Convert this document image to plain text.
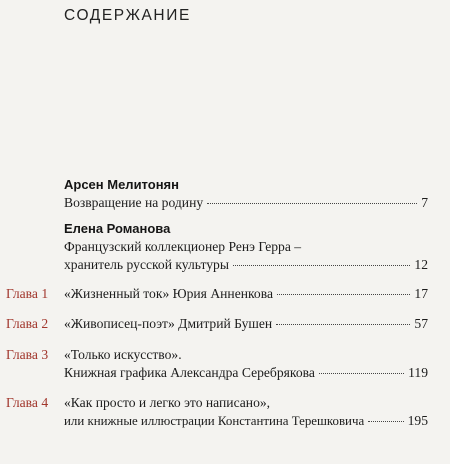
СОДЕРЖАНИЕ
Арсен Мелитонян
Возвращение на родину	7
Елена Романова
Французский коллекционер Ренэ Герра –
хранитель русской культуры	12
Глава 1 «Жизненный ток» Юрия Анненкова	17
Глава 2 «Живописец-поэт» Дмитрий Бушен	57
Глава 3 «Только искусство».
Книжная графика Александра Серебрякова	119
Глава 4 «Как просто и легко это написано»,
или книжные иллюстрации Константина Терешковича	195
